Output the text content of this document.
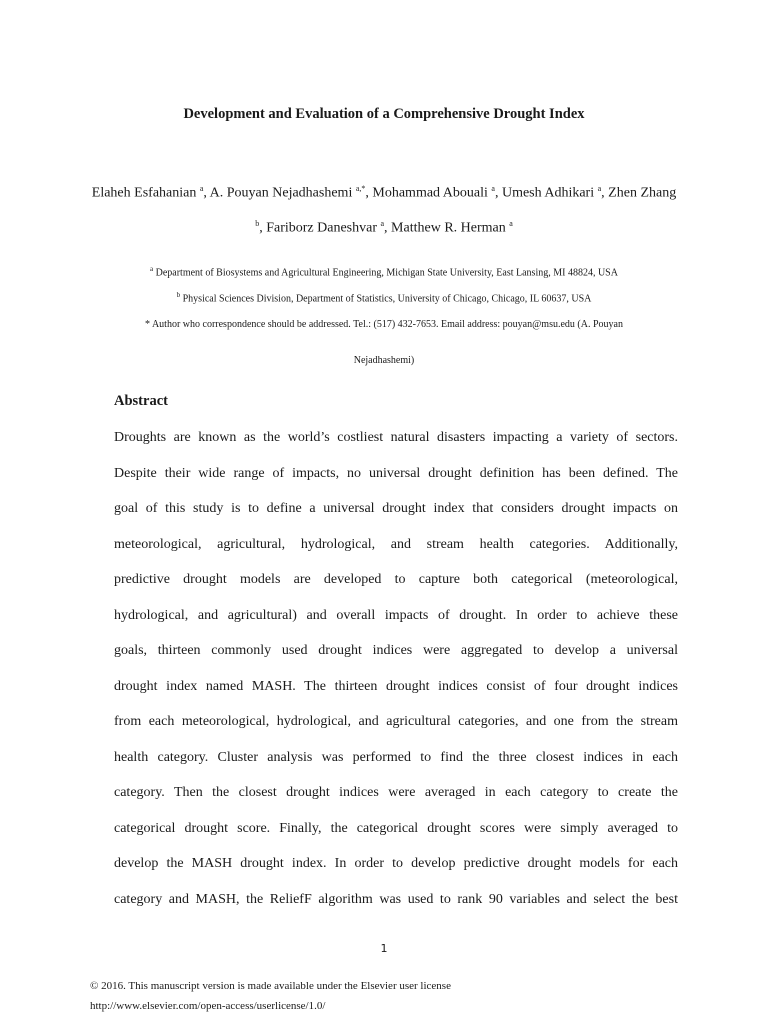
Development and Evaluation of a Comprehensive Drought Index
Elaheh Esfahanian $^a$, A. Pouyan Nejadhashemi $^{a,*}$, Mohammad Abouali $^a$, Umesh Adhikari $^a$, Zhen Zhang
$^b$, Fariborz Daneshvar $^a$, Matthew R. Herman $^a$
$^a$ Department of Biosystems and Agricultural Engineering, Michigan State University, East Lansing, MI 48824, USA
$^b$ Physical Sciences Division, Department of Statistics, University of Chicago, Chicago, IL 60637, USA
* Author who correspondence should be addressed. Tel.: (517) 432-7653. Email address: pouyan@msu.edu (A. Pouyan
Nejadhashemi)
Abstract
Droughts are known as the world’s costliest natural disasters impacting a variety of sectors.
Despite their wide range of impacts, no universal drought definition has been defined. The
goal of this study is to define a universal drought index that considers drought impacts on
meteorological, agricultural, hydrological, and stream health categories. Additionally,
predictive drought models are developed to capture both categorical (meteorological,
hydrological, and agricultural) and overall impacts of drought. In order to achieve these
goals, thirteen commonly used drought indices were aggregated to develop a universal
drought index named MASH. The thirteen drought indices consist of four drought indices
from each meteorological, hydrological, and agricultural categories, and one from the stream
health category. Cluster analysis was performed to find the three closest indices in each
category. Then the closest drought indices were averaged in each category to create the
categorical drought score. Finally, the categorical drought scores were simply averaged to
develop the MASH drought index. In order to develop predictive drought models for each
category and MASH, the ReliefF algorithm was used to rank 90 variables and select the best
1
© 2016. This manuscript version is made available under the Elsevier user license
http://www.elsevier.com/open-access/userlicense/1.0/
